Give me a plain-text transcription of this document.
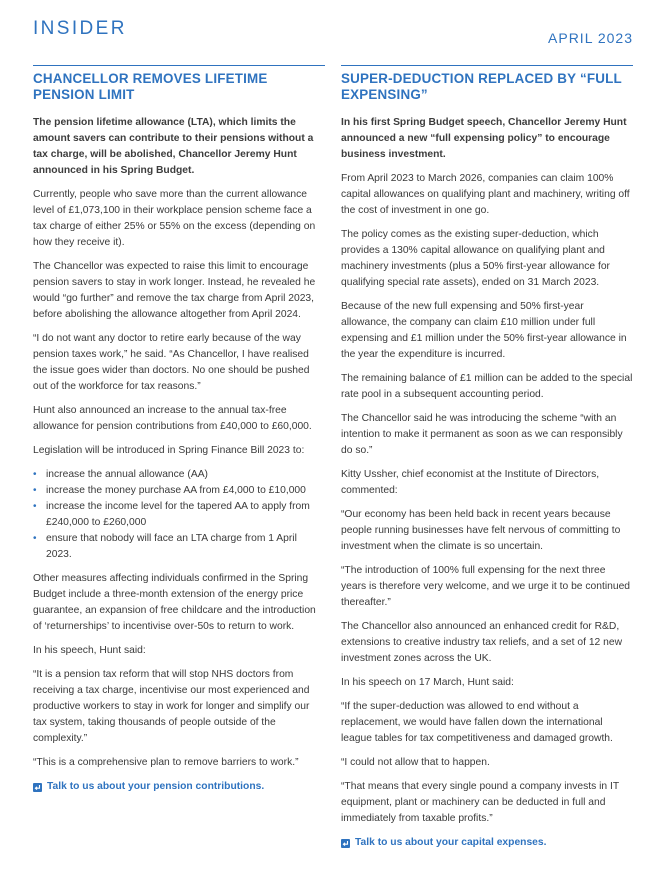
INSIDER	APRIL 2023
CHANCELLOR REMOVES LIFETIME PENSION LIMIT

The pension lifetime allowance (LTA), which limits the amount savers can contribute to their pensions without a tax charge, will be abolished, Chancellor Jeremy Hunt announced in his Spring Budget.

Currently, people who save more than the current allowance level of £1,073,100 in their workplace pension scheme face a tax charge of either 25% or 55% on the excess (depending on how they receive it).

The Chancellor was expected to raise this limit to encourage pension savers to stay in work longer. Instead, he revealed he would “go further” and remove the tax charge from April 2023, before abolishing the allowance altogether from April 2024.

“I do not want any doctor to retire early because of the way pension taxes work,” he said. “As Chancellor, I have realised the issue goes wider than doctors. No one should be pushed out of the workforce for tax reasons.”

Hunt also announced an increase to the annual tax-free allowance for pension contributions from £40,000 to £60,000.

Legislation will be introduced in Spring Finance Bill 2023 to:

• increase the annual allowance (AA)
• increase the money purchase AA from £4,000 to £10,000
• increase the income level for the tapered AA to apply from £240,000 to £260,000
• ensure that nobody will face an LTA charge from 1 April 2023.

Other measures affecting individuals confirmed in the Spring Budget include a three-month extension of the energy price guarantee, an expansion of free childcare and the introduction of ‘returnerships’ to incentivise over-50s to return to work.

In his speech, Hunt said:

“It is a pension tax reform that will stop NHS doctors from receiving a tax charge, incentivise our most experienced and productive workers to stay in work for longer and simplify our tax system, taking thousands of people outside of the complexity.”

“This is a comprehensive plan to remove barriers to work.”

Talk to us about your pension contributions.
SUPER-DEDUCTION REPLACED BY “FULL EXPENSING”

In his first Spring Budget speech, Chancellor Jeremy Hunt announced a new “full expensing policy” to encourage business investment.

From April 2023 to March 2026, companies can claim 100% capital allowances on qualifying plant and machinery, writing off the cost of investment in one go.

The policy comes as the existing super-deduction, which provides a 130% capital allowance on qualifying plant and machinery investments (plus a 50% first-year allowance for qualifying special rate assets), ended on 31 March 2023.

Because of the new full expensing and 50% first-year allowance, the company can claim £10 million under full expensing and £1 million under the 50% first-year allowance in the year the expenditure is incurred.

The remaining balance of £1 million can be added to the special rate pool in a subsequent accounting period.

The Chancellor said he was introducing the scheme “with an intention to make it permanent as soon as we can responsibly do so.”

Kitty Ussher, chief economist at the Institute of Directors, commented:

“Our economy has been held back in recent years because people running businesses have felt nervous of committing to investment when the climate is so uncertain.

“The introduction of 100% full expensing for the next three years is therefore very welcome, and we urge it to be continued thereafter.”

The Chancellor also announced an enhanced credit for R&D, extensions to creative industry tax reliefs, and a set of 12 new investment zones across the UK.

In his speech on 17 March, Hunt said:

“If the super-deduction was allowed to end without a replacement, we would have fallen down the international league tables for tax competitiveness and damaged growth.

“I could not allow that to happen.

“That means that every single pound a company invests in IT equipment, plant or machinery can be deducted in full and immediately from taxable profits.”

Talk to us about your capital expenses.
